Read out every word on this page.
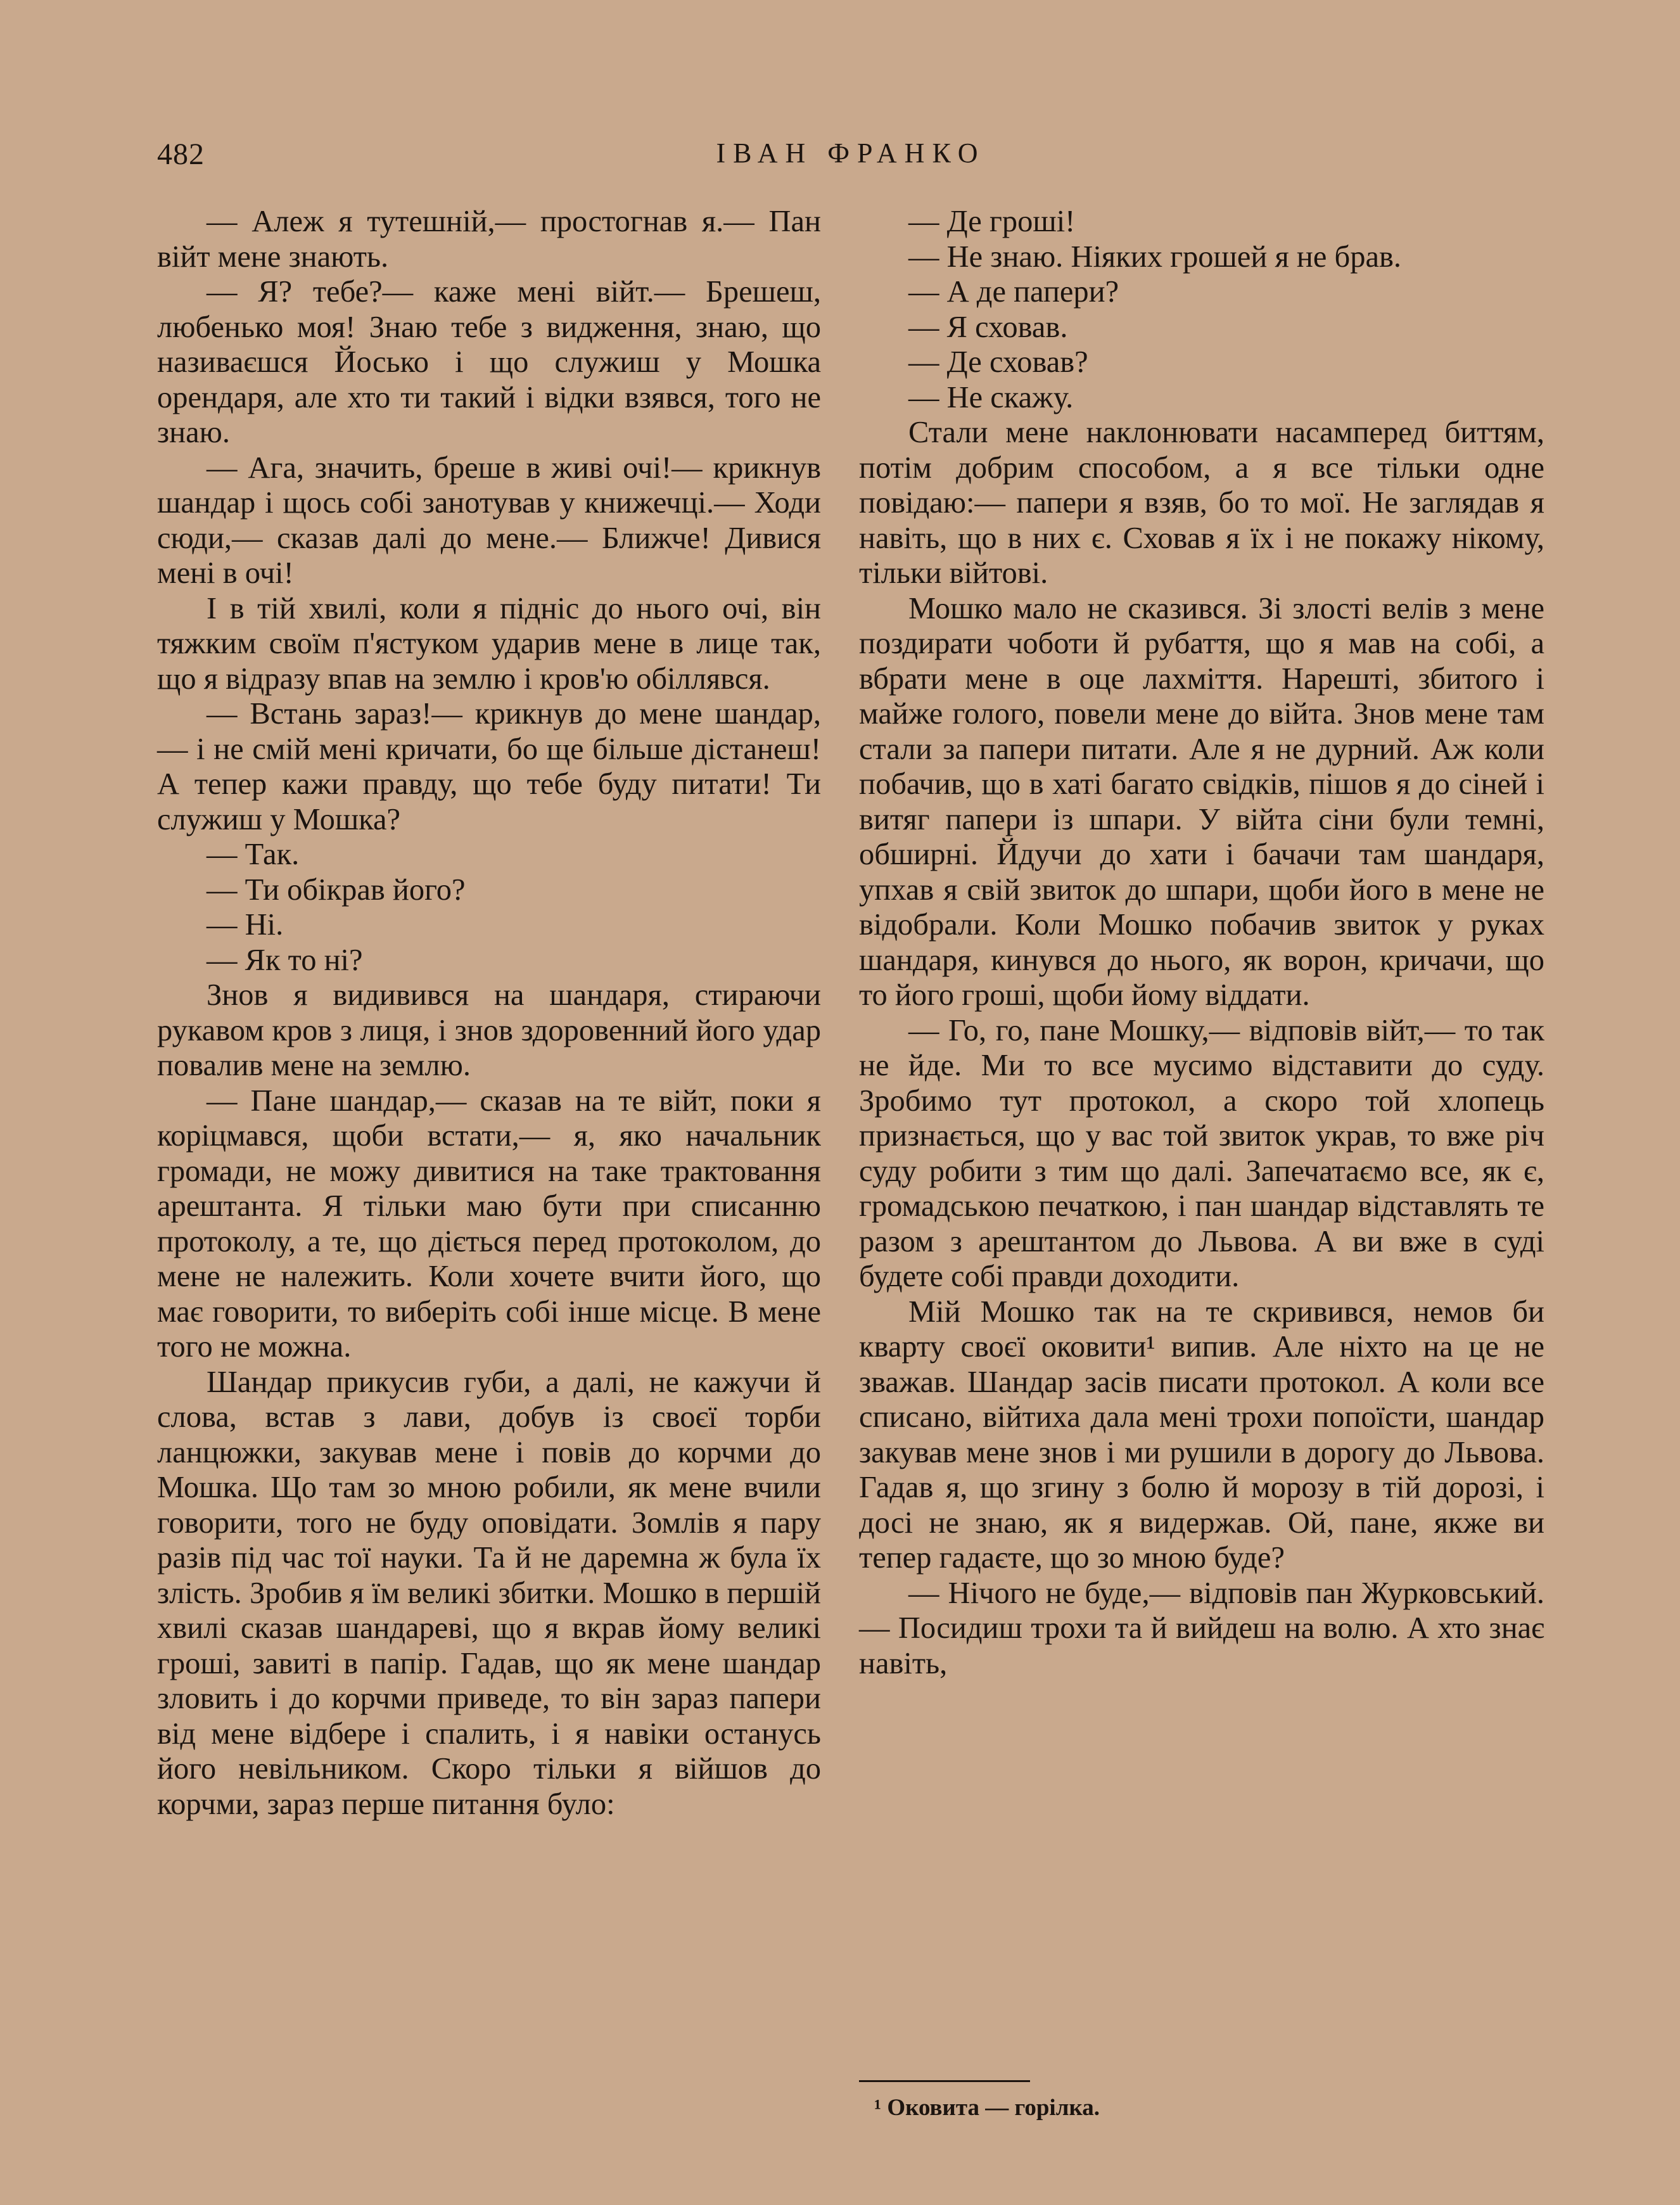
482	ІВАН ФРАНКО

— Алеж я тутешній,— простогнав я.— Пан війт мене знають.

— Я? тебе?— каже мені війт.— Брешеш, любенько моя! Знаю тебе з видження, знаю, що називаєшся Йосько і що служиш у Мошка орендаря, але хто ти такий і відки взявся, того не знаю.

— Ага, значить, бреше в живі очі!— крикнув шандар і щось собі занотував у книжечці.— Ходи сюди,— сказав далі до мене.— Ближче! Дивися мені в очі!

І в тій хвилі, коли я підніс до нього очі, він тяжким своїм п'ястуком ударив мене в лице так, що я відразу впав на землю і кров'ю обіллявся.

— Встань зараз!— крикнув до мене шандар,— і не смій мені кричати, бо ще більше дістанеш! А тепер кажи правду, що тебе буду питати! Ти служиш у Мошка?

— Так.

— Ти обікрав його?

— Ні.

— Як то ні?

Знов я видивився на шандаря, стираючи рукавом кров з лиця, і знов здоровенний його удар повалив мене на землю.

— Пане шандар,— сказав на те війт, поки я коріцмався, щоби встати,— я, яко начальник громади, не можу дивитися на таке трактовання арештанта. Я тільки маю бути при списанню протоколу, а те, що діється перед протоколом, до мене не належить. Коли хочете вчити його, що має говорити, то виберіть собі інше місце. В мене того не можна.

Шандар прикусив губи, а далі, не кажучи й слова, встав з лави, добув із своєї торби ланцюжки, закував мене і повів до корчми до Мошка. Що там зо мною робили, як мене вчили говорити, того не буду оповідати. Зомлів я пару разів під час тої науки. Та й не даремна ж була їх злість. Зробив я їм великі збитки. Мошко в першій хвилі сказав шандареві, що я вкрав йому великі гроші, завиті в папір. Гадав, що як мене шандар зловить і до корчми приведе, то він зараз папери від мене відбере і спалить, і я навіки останусь його невільником. Скоро тільки я війшов до корчми, зараз перше питання було:

— Де гроші!

— Не знаю. Ніяких грошей я не брав.

— А де папери?

— Я сховав.

— Де сховав?

— Не скажу.

Стали мене наклонювати насамперед биттям, потім добрим способом, а я все тільки одне повідаю:— папери я взяв, бо то мої. Не заглядав я навіть, що в них є. Сховав я їх і не покажу нікому, тільки війтові.

Мошко мало не сказився. Зі злості велів з мене поздирати чоботи й рубаття, що я мав на собі, а вбрати мене в оце лахміття. Нарешті, збитого і майже голого, повели мене до війта. Знов мене там стали за папери питати. Але я не дурний. Аж коли побачив, що в хаті багато свідків, пішов я до сіней і витяг папери із шпари. У війта сіни були темні, обширні. Йдучи до хати і бачачи там шандаря, упхав я свій звиток до шпари, щоби його в мене не відобрали. Коли Мошко побачив звиток у руках шандаря, кинувся до нього, як ворон, кричачи, що то його гроші, щоби йому віддати.

— Го, го, пане Мошку,— відповів війт,— то так не йде. Ми то все мусимо відставити до суду. Зробимо тут протокол, а скоро той хлопець признається, що у вас той звиток украв, то вже річ суду робити з тим що далі. Запечатаємо все, як є, громадською печаткою, і пан шандар відставлять те разом з арештантом до Львова. А ви вже в суді будете собі правди доходити.

Мій Мошко так на те скривився, немов би кварту своєї оковити¹ випив. Але ніхто на це не зважав. Шандар засів писати протокол. А коли все списано, війтиха дала мені трохи попоїсти, шандар закував мене знов і ми рушили в дорогу до Львова. Гадав я, що згину з болю й морозу в тій дорозі, і досі не знаю, як я видержав. Ой, пане, якже ви тепер гадаєте, що зо мною буде?

— Нічого не буде,— відповів пан Журковський.— Посидиш трохи та й вийдеш на волю. А хто знає навіть,

¹ Оковита — горілка.
